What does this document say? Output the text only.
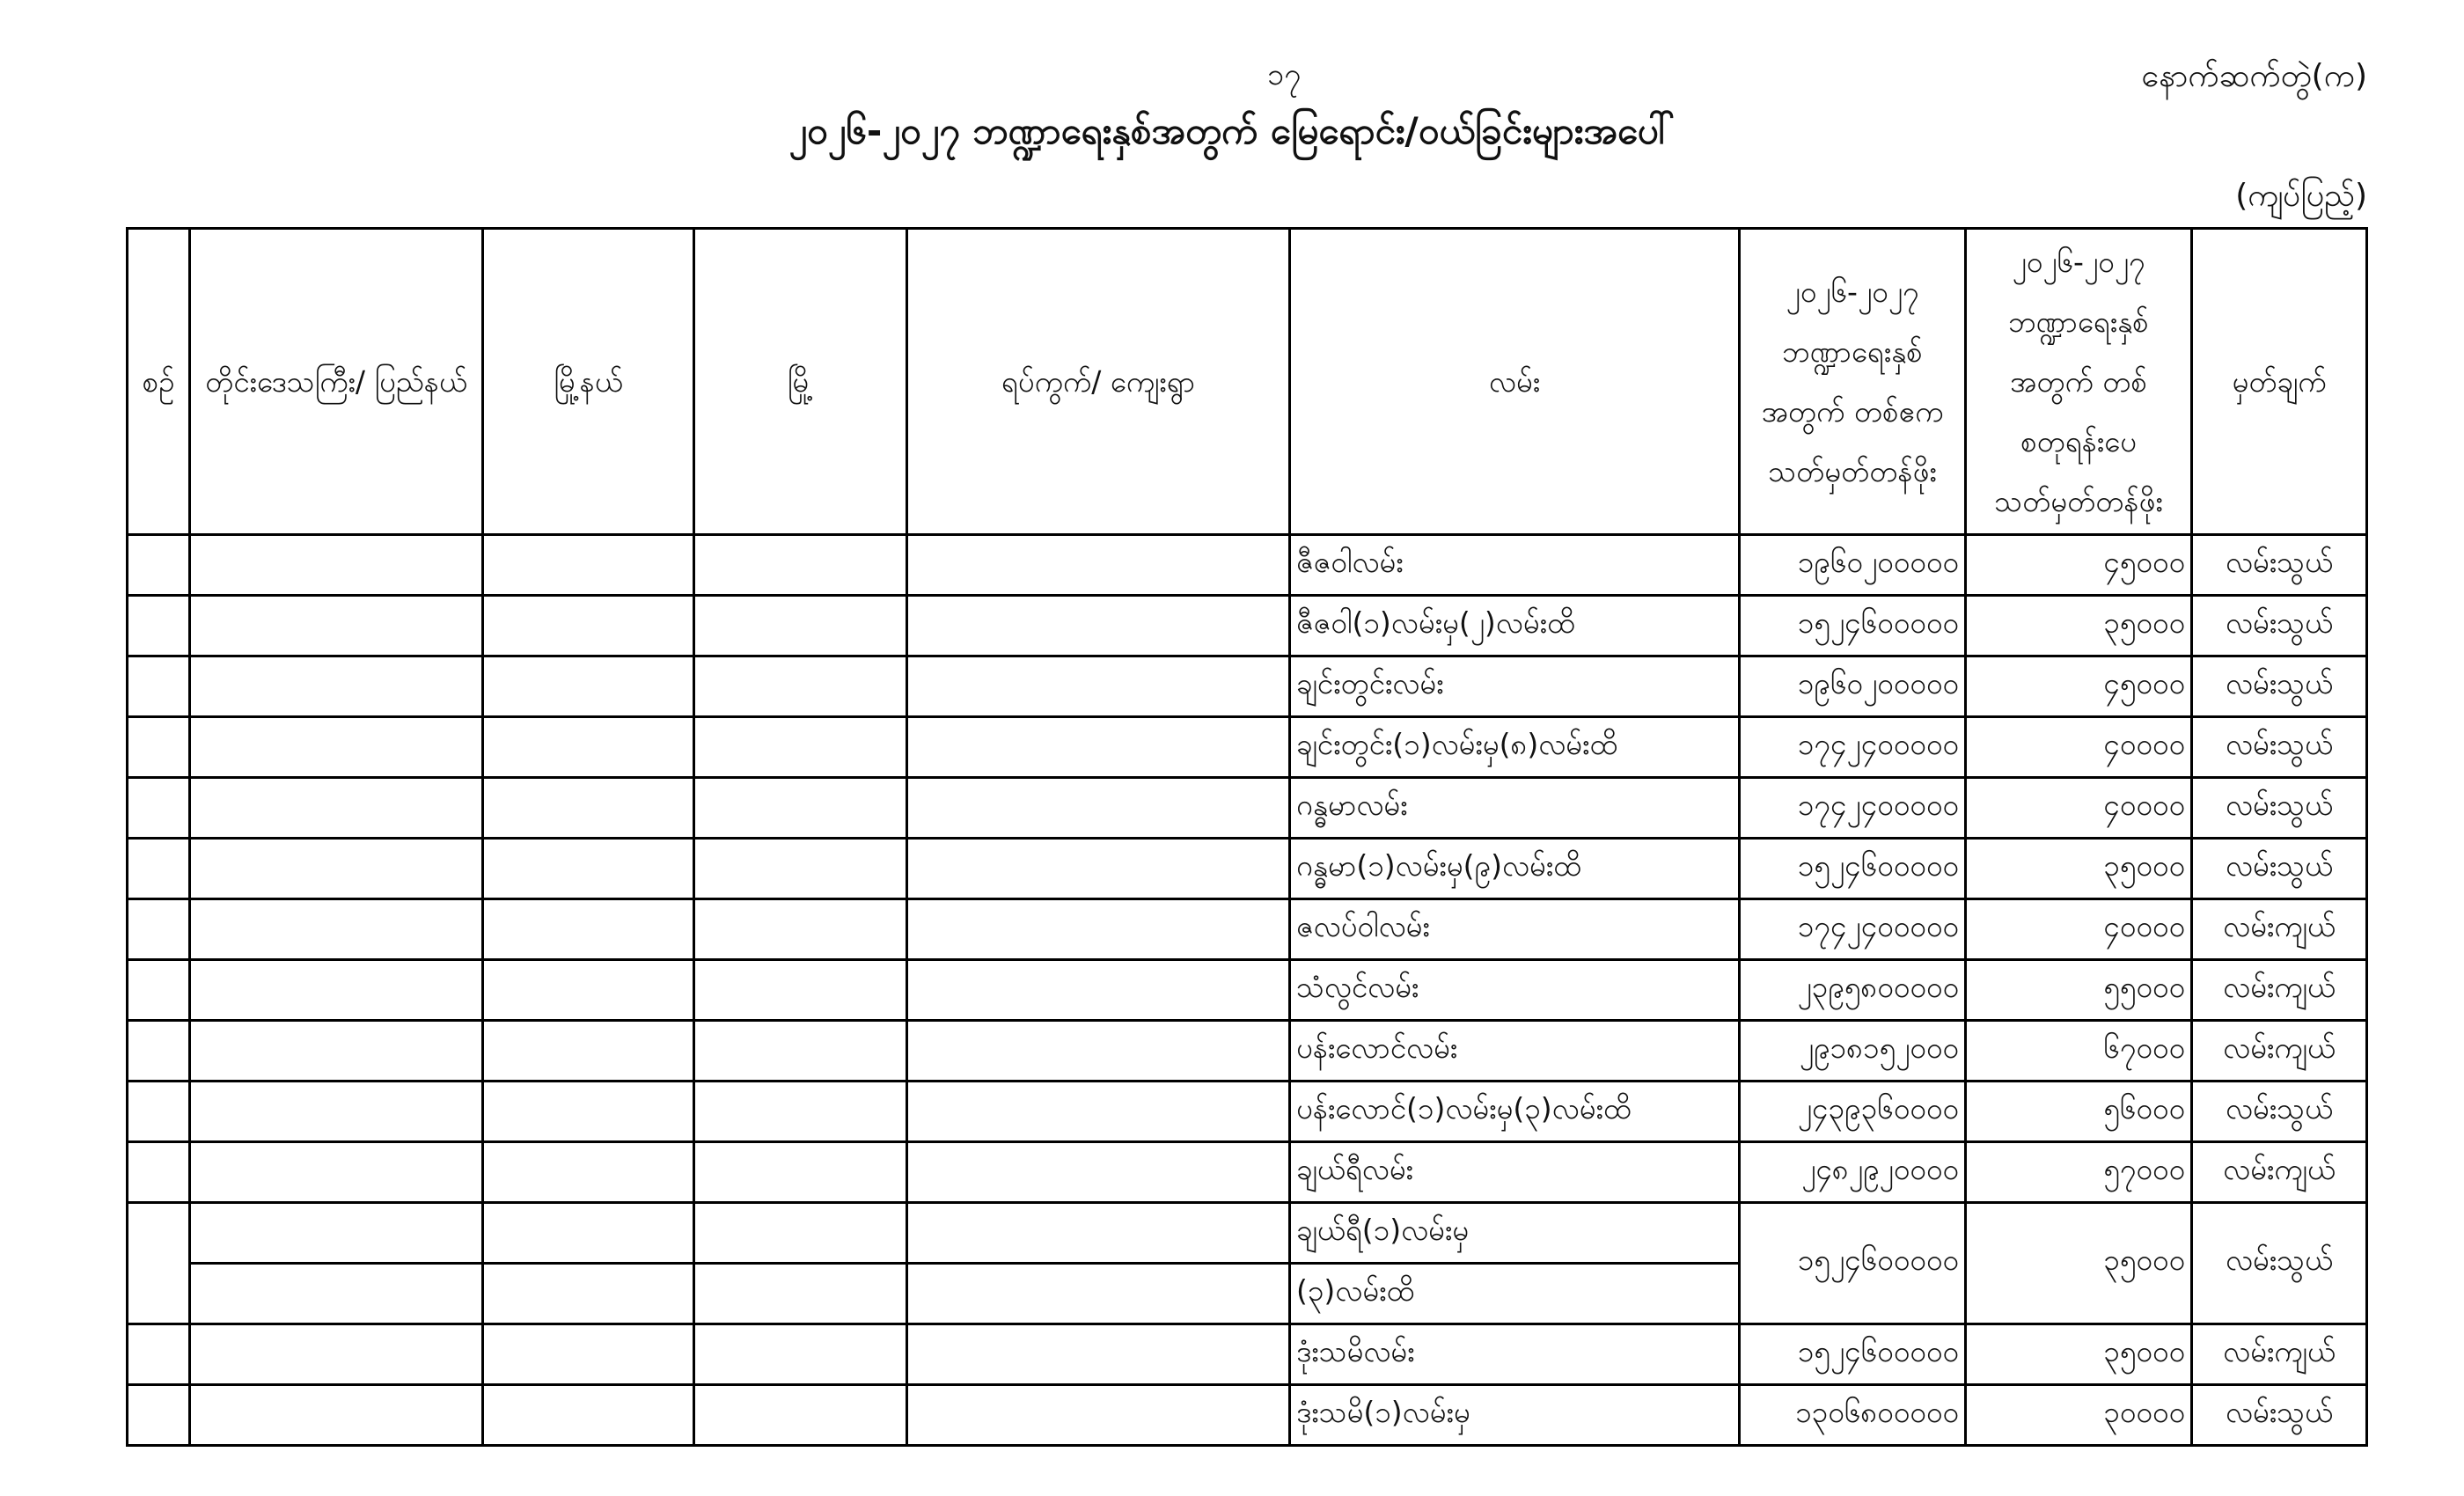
၁၇	နောက်ဆက်တွဲ(က)
၂၀၂၆-၂၀၂၇ ဘဏ္ဍာရေးနှစ်အတွက် မြေရောင်း/ဝယ်ခြင်းများအပေါ်
(ကျပ်ပြည့်)
စဉ်	တိုင်းဒေသကြီး/ ပြည်နယ်	မြို့နယ်	မြို့	ရပ်ကွက်/ ကျေးရွာ	လမ်း	၂၀၂၆-၂၀၂၇ ဘဏ္ဍာရေးနှစ် အတွက် တစ်ဧက သတ်မှတ်တန်ဖိုး	၂၀၂၆-၂၀၂၇ ဘဏ္ဍာရေးနှစ် အတွက် တစ်စတုရန်းပေ သတ်မှတ်တန်ဖိုး	မှတ်ချက်
					ဇီဇဝါလမ်း	၁၉၆၀၂၀၀၀၀၀	၄၅၀၀၀	လမ်းသွယ်
					ဇီဇဝါ(၁)လမ်းမှ(၂)လမ်းထိ	၁၅၂၄၆၀၀၀၀၀	၃၅၀၀၀	လမ်းသွယ်
					ချင်းတွင်းလမ်း	၁၉၆၀၂၀၀၀၀၀	၄၅၀၀၀	လမ်းသွယ်
					ချင်းတွင်း(၁)လမ်းမှ(၈)လမ်းထိ	၁၇၄၂၄၀၀၀၀၀	၄၀၀၀၀	လမ်းသွယ်
					ဂန္ဓမာလမ်း	၁၇၄၂၄၀၀၀၀၀	၄၀၀၀၀	လမ်းသွယ်
					ဂန္ဓမာ(၁)လမ်းမှ(၉)လမ်းထိ	၁၅၂၄၆၀၀၀၀၀	၃၅၀၀၀	လမ်းသွယ်
					ဇလပ်ဝါလမ်း	၁၇၄၂၄၀၀၀၀၀	၄၀၀၀၀	လမ်းကျယ်
					သံလွင်လမ်း	၂၃၉၅၈၀၀၀၀၀	၅၅၀၀၀	လမ်းကျယ်
					ပန်းလောင်လမ်း	၂၉၁၈၁၅၂၀၀၀	၆၇၀၀၀	လမ်းကျယ်
					ပန်းလောင်(၁)လမ်းမှ(၃)လမ်းထိ	၂၄၃၉၃၆၀၀၀၀	၅၆၀၀၀	လမ်းသွယ်
					ချယ်ရီလမ်း	၂၄၈၂၉၂၀၀၀၀	၅၇၀၀၀	လမ်းကျယ်
					ချယ်ရီ(၁)လမ်းမှ	၁၅၂၄၆၀၀၀၀၀	၃၅၀၀၀	လမ်းသွယ်
					(၃)လမ်းထိ			
					ဒုံးသမိလမ်း	၁၅၂၄၆၀၀၀၀၀	၃၅၀၀၀	လမ်းကျယ်
					ဒုံးသမိ(၁)လမ်းမှ	၁၃၀၆၈၀၀၀၀၀	၃၀၀၀၀	လမ်းသွယ်
